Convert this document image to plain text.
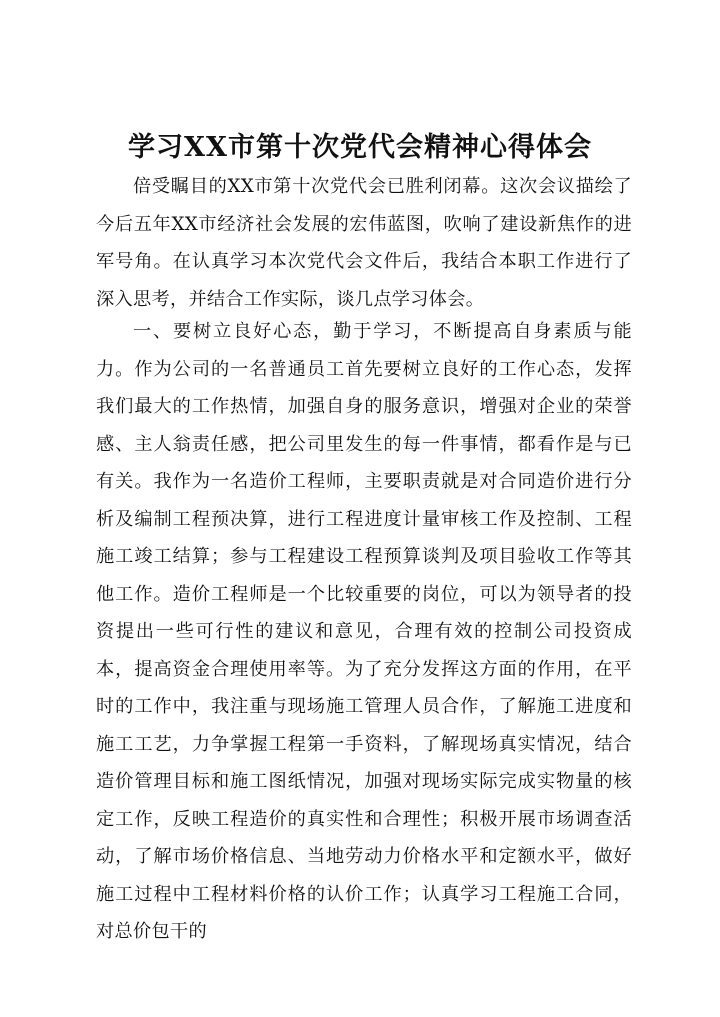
学习XX市第十次党代会精神心得体会

倍受瞩目的XX市第十次党代会已胜利闭幕。这次会议描绘了今后五年XX市经济社会发展的宏伟蓝图，吹响了建设新焦作的进军号角。在认真学习本次党代会文件后，我结合本职工作进行了深入思考，并结合工作实际，谈几点学习体会。

一、要树立良好心态，勤于学习，不断提高自身素质与能力。作为公司的一名普通员工首先要树立良好的工作心态，发挥我们最大的工作热情，加强自身的服务意识，增强对企业的荣誉感、主人翁责任感，把公司里发生的每一件事情，都看作是与已有关。我作为一名造价工程师，主要职责就是对合同造价进行分析及编制工程预决算，进行工程进度计量审核工作及控制、工程施工竣工结算；参与工程建设工程预算谈判及项目验收工作等其他工作。造价工程师是一个比较重要的岗位，可以为领导者的投资提出一些可行性的建议和意见，合理有效的控制公司投资成本，提高资金合理使用率等。为了充分发挥这方面的作用，在平时的工作中，我注重与现场施工管理人员合作，了解施工进度和施工工艺，力争掌握工程第一手资料，了解现场真实情况，结合造价管理目标和施工图纸情况，加强对现场实际完成实物量的核定工作，反映工程造价的真实性和合理性；积极开展市场调查活动，了解市场价格信息、当地劳动力价格水平和定额水平，做好施工过程中工程材料价格的认价工作；认真学习工程施工合同，对总价包干的
